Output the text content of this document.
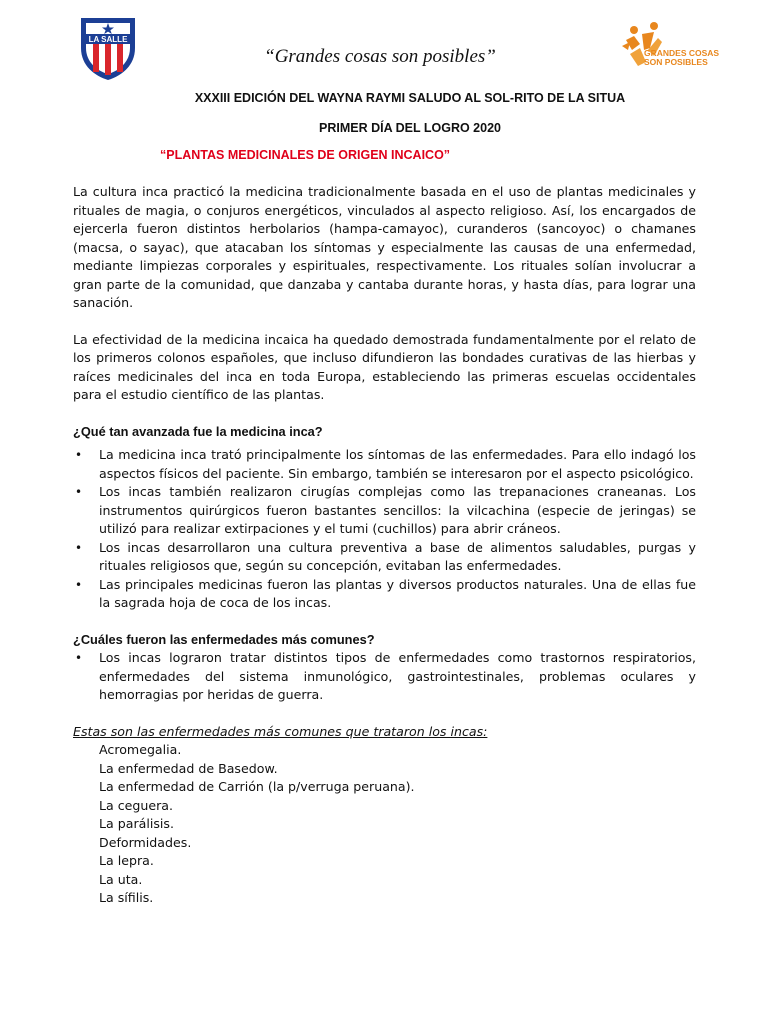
LA SALLE
“Grandes cosas son posibles”	GRANDES COSAS
SON POSIBLES
XXXIII EDICIÓN DEL WAYNA RAYMI SALUDO AL SOL-RITO DE LA SITUA
PRIMER DÍA DEL LOGRO 2020
“PLANTAS MEDICINALES DE ORIGEN INCAICO”

La cultura inca practicó la medicina tradicionalmente basada en el uso de plantas medicinales y rituales de magia, o conjuros energéticos, vinculados al aspecto religioso. Así, los encargados de ejercerla fueron distintos herbolarios (hampa-camayoc), curanderos (sancoyoc) o chamanes (macsa, o sayac), que atacaban los síntomas y especialmente las causas de una enfermedad, mediante limpiezas corporales y espirituales, respectivamente. Los rituales solían involucrar a gran parte de la comunidad, que danzaba y cantaba durante horas, y hasta días, para lograr una sanación.

La efectividad de la medicina incaica ha quedado demostrada fundamentalmente por el relato de los primeros colonos españoles, que incluso difundieron las bondades curativas de las hierbas y raíces medicinales del inca en toda Europa, estableciendo las primeras escuelas occidentales para el estudio científico de las plantas.

¿Qué tan avanzada fue la medicina inca?

• La medicina inca trató principalmente los síntomas de las enfermedades. Para ello indagó los aspectos físicos del paciente. Sin embargo, también se interesaron por el aspecto psicológico.
• Los incas también realizaron cirugías complejas como las trepanaciones craneanas. Los instrumentos quirúrgicos fueron bastantes sencillos: la vilcachina (especie de jeringas) se utilizó para realizar extirpaciones y el tumi (cuchillos) para abrir cráneos.
• Los incas desarrollaron una cultura preventiva a base de alimentos saludables, purgas y rituales religiosos que, según su concepción, evitaban las enfermedades.
• Las principales medicinas fueron las plantas y diversos productos naturales. Una de ellas fue la sagrada hoja de coca de los incas.

¿Cuáles fueron las enfermedades más comunes?

• Los incas lograron tratar distintos tipos de enfermedades como trastornos respiratorios, enfermedades del sistema inmunológico, gastrointestinales, problemas oculares y hemorragias por heridas de guerra.

Estas son las enfermedades más comunes que trataron los incas:

Acromegalia.
La enfermedad de Basedow.
La enfermedad de Carrión (la p/verruga peruana).
La ceguera.
La parálisis.
Deformidades.
La lepra.
La uta.
La sífilis.
